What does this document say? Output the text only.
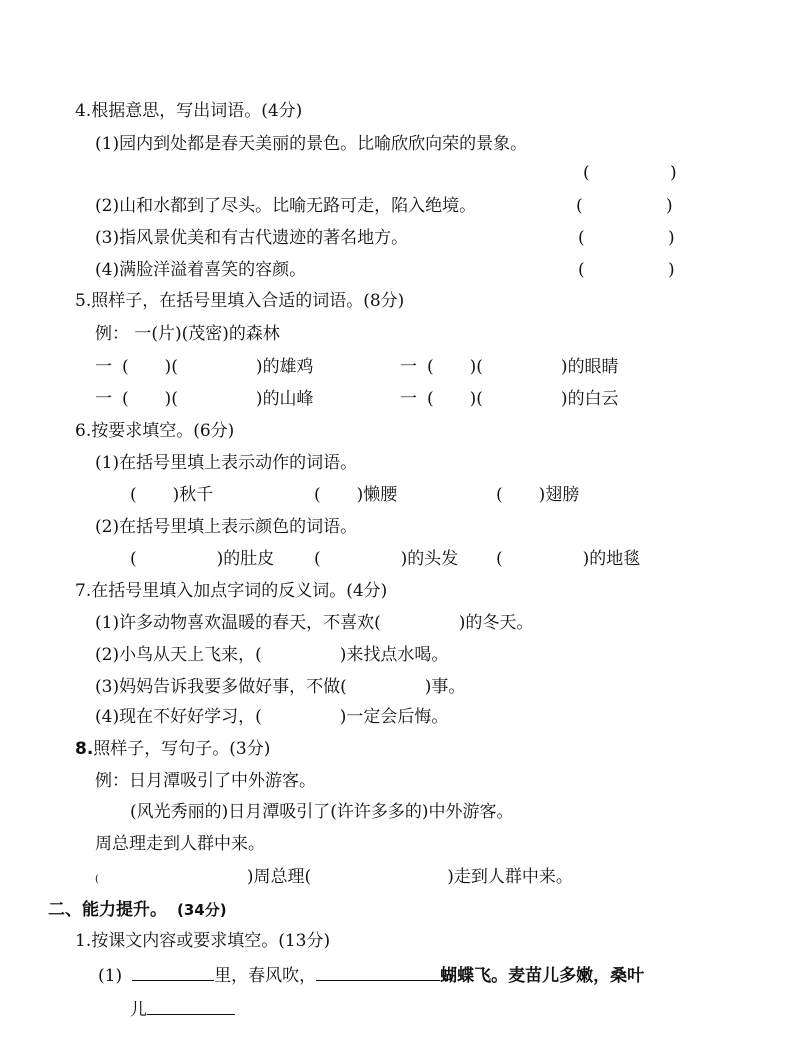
4.根据意思，写出词语。(4分)
(1)园内到处都是春天美丽的景色。比喻欣欣向荣的景象。
(	)
(2)山和水都到了尽头。比喻无路可走，陷入绝境。	(	)
(3)指风景优美和有古代遗迹的著名地方。	(	)
(4)满脸洋溢着喜笑的容颜。	(	)
5.照样子，在括号里填入合适的词语。(8分)
例： 一(片)(茂密)的森林
一 ( )(	)的雄鸡	一 ( )(	)的眼睛
一 ( )(	)的山峰	一 ( )(	)的白云
6.按要求填空。(6分)
(1)在括号里填上表示动作的词语。
( )秋千	( )懒腰	( )翅膀
(2)在括号里填上表示颜色的词语。
(	)的肚皮 (	)的头发 (	)的地毯
7.在括号里填入加点字词的反义词。(4分)
(1)许多动物喜欢温暖的春天，不喜欢(	)的冬天。
(2)小鸟从天上飞来，(	)来找点水喝。
(3)妈妈告诉我要多做好事，不做(	)事。
(4)现在不好好学习，(	)一定会后悔。
8.照样子，写句子。(3分)
例：日月潭吸引了中外游客。
(风光秀丽的)日月潭吸引了(许许多多的)中外游客。
周总理走到人群中来。
(	)周总理(	)走到人群中来。
二、能力提升。 (34分)
1.按课文内容或要求填空。(13分)
(1)	里，春风吹，	蝴蝶飞。麦苗儿多嫩，桑叶
儿
